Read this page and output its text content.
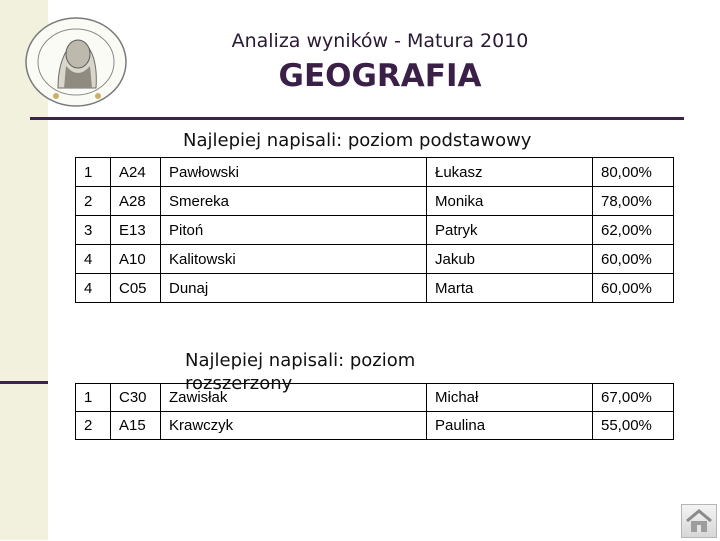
Analiza wyników - Matura 2010
GEOGRAFIA
Najlepiej napisali: poziom podstawowy
1	A24	Pawłowski	Łukasz	80,00%
2	A28	Smereka	Monika	78,00%
3	E13	Pitoń	Patryk	62,00%
4	A10	Kalitowski	Jakub	60,00%
4	C05	Dunaj	Marta	60,00%
1	C30	Zawisłak	Michał	67,00%
2	A15	Krawczyk	Paulina	55,00%
Najlepiej napisali: poziom rozszerzony
